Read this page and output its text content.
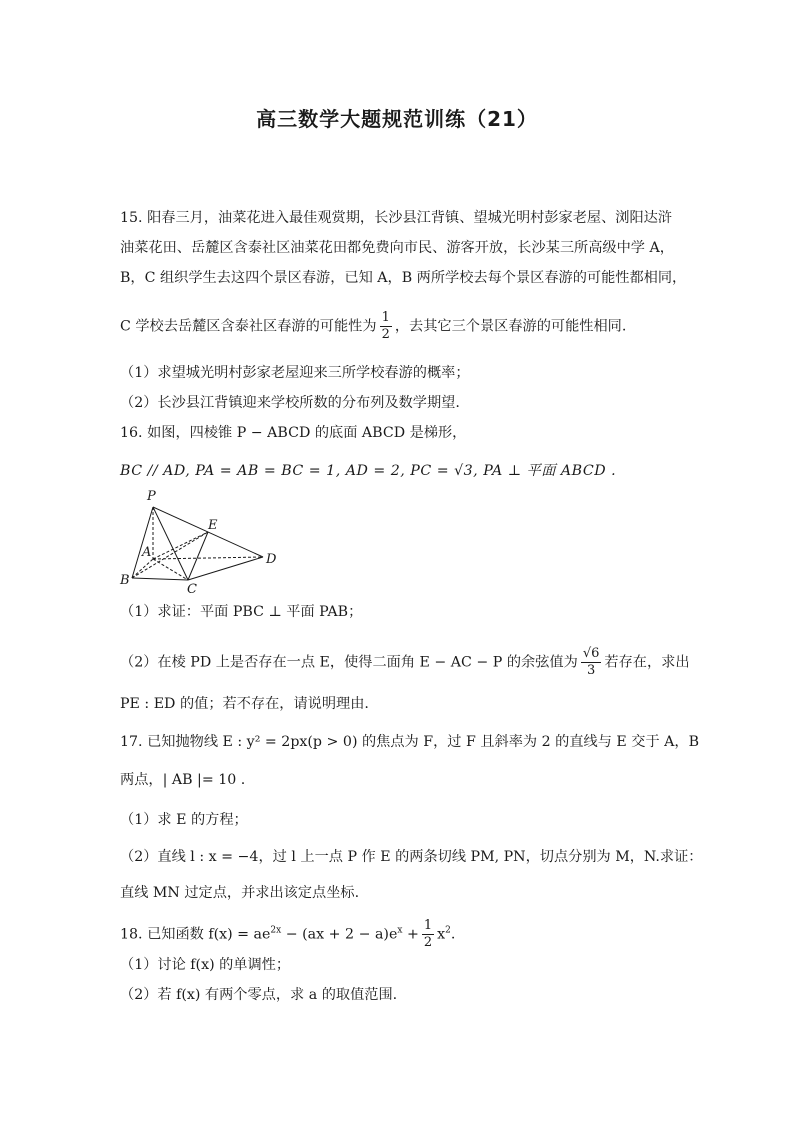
高三数学大题规范训练（21）
15. 阳春三月，油菜花进入最佳观赏期，长沙县江背镇、望城光明村彭家老屋、浏阳达浒
油菜花田、岳麓区含泰社区油菜花田都免费向市民、游客开放，长沙某三所高级中学 A，
B，C 组织学生去这四个景区春游，已知 A，B 两所学校去每个景区春游的可能性都相同，
C 学校去岳麓区含泰社区春游的可能性为 $\frac{1}{2}$ ，去其它三个景区春游的可能性相同.
（1）求望城光明村彭家老屋迎来三所学校春游的概率；
（2）长沙县江背镇迎来学校所数的分布列及数学期望.
16. 如图，四棱锥 P − ABCD 的底面 ABCD 是梯形，
BC // AD, PA = AB = BC = 1, AD = 2, PC = √3, PA ⊥ 平面 ABCD .
P
E
A	D
B
C
（1）求证：平面 PBC ⊥ 平面 PAB；
（2）在棱 PD 上是否存在一点 E，使得二面角 E − AC − P 的余弦值为 $\frac{√6}{3}$ 若存在，求出
PE : ED 的值；若不存在，请说明理由.
17. 已知抛物线 E : y² = 2px(p > 0) 的焦点为 F，过 F 且斜率为 2 的直线与 E 交于 A，B
两点，| AB |= 10 .
（1）求 E 的方程；
（2）直线 l : x = −4，过 l 上一点 P 作 E 的两条切线 PM, PN，切点分别为 M，N.求证：
直线 MN 过定点，并求出该定点坐标.
18. 已知函数 $f(x) = ae^{2x} - (ax + 2 - a)e^x + \frac{1}{2} x^2$.
（1）讨论 f(x) 的单调性；
（2）若 f(x) 有两个零点，求 a 的取值范围.
